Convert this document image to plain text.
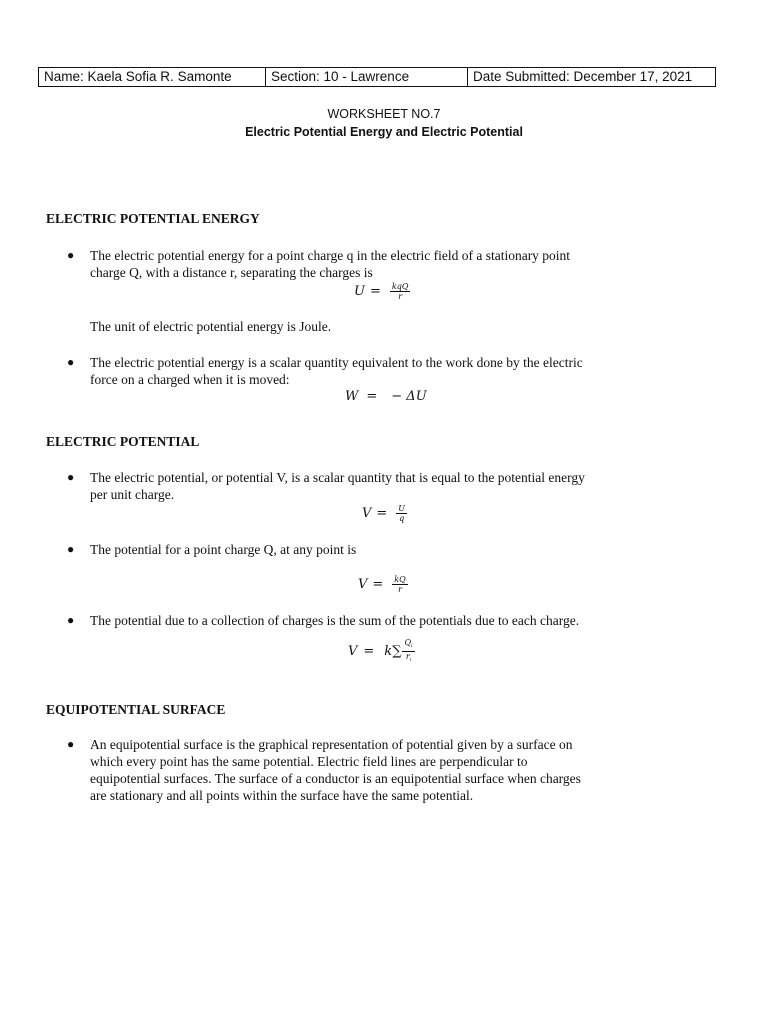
Name: Kaela Sofia R. Samonte	Section: 10 - Lawrence	Date Submitted: December 17, 2021
WORKSHEET NO.7
Electric Potential Energy and Electric Potential
ELECTRIC POTENTIAL ENERGY
● The electric potential energy for a point charge q in the electric field of a stationary point
charge Q, with a distance r, separating the charges is
$U = \frac{\text{kqQ}}{r}$
The unit of electric potential energy is Joule.
● The electric potential energy is a scalar quantity equivalent to the work done by the electric
force on a charged when it is moved:
W = − ΔU
ELECTRIC POTENTIAL
● The electric potential, or potential V, is a scalar quantity that is equal to the potential energy
per unit charge.
$V = \frac{U}{q}$
● The potential for a point charge Q, at any point is
$V = \frac{kQ}{r}$
● The potential due to a collection of charges is the sum of the potentials due to each charge.
V = k ∑ $\frac{Q_i}{r_i}$
EQUIPOTENTIAL SURFACE
● An equipotential surface is the graphical representation of potential given by a surface on
which every point has the same potential. Electric field lines are perpendicular to
equipotential surfaces. The surface of a conductor is an equipotential surface when charges
are stationary and all points within the surface have the same potential.
